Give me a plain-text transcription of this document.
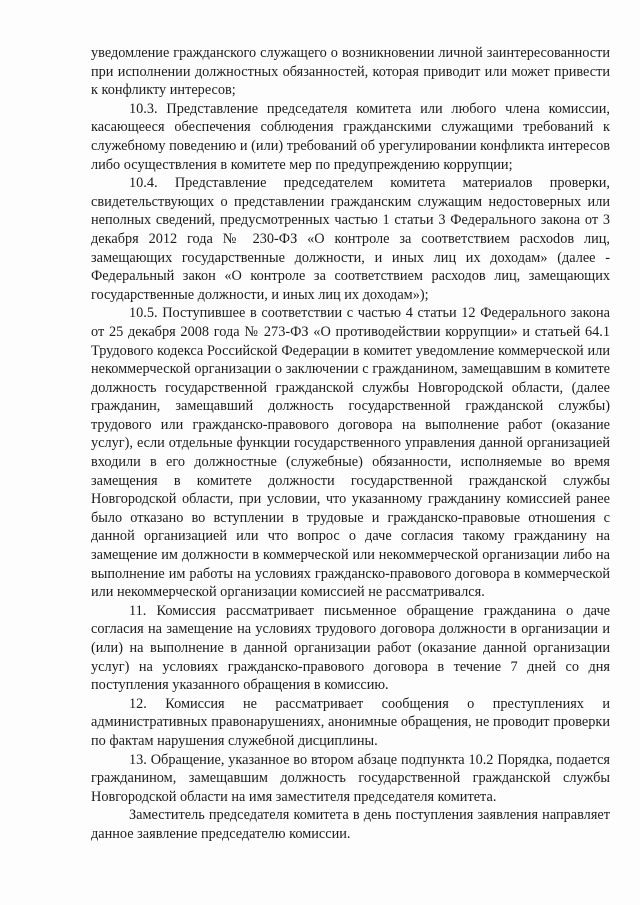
уведомление гражданского служащего о возникновении личной заинтересованности при исполнении должностных обязанностей, которая приводит или может привести к конфликту интересов;

10.3. Представление председателя комитета или любого члена комиссии, касающееся обеспечения соблюдения гражданскими служащими требований к служебному поведению и (или) требований об урегулировании конфликта интересов либо осуществления в комитете мер по предупреждению коррупции;

10.4. Представление председателем комитета материалов проверки, свидетельствующих о представлении гражданским служащим недостоверных или неполных сведений, предусмотренных частью 1 статьи 3 Федерального закона от 3 декабря 2012 года № 230-ФЗ «О контроле за соответствием расхоdов лиц, замещающих государственные должности, и иных лиц их доходам» (далее - Федеральный закон «О контроле за соответствием расходов лиц, замещающих государственные должности, и иных лиц их доходам»);

10.5. Поступившее в соответствии с частью 4 статьи 12 Федерального закона от 25 декабря 2008 года № 273-ФЗ «О противодействии коррупции» и статьей 64.1 Трудового кодекса Российской Федерации в комитет уведомление коммерческой или некоммерческой организации о заключении с гражданином, замещавшим в комитете должность государственной гражданской службы Новгородской области, (далее гражданин, замещавший должность государственной гражданской службы) трудового или гражданско-правового договора на выполнение работ (оказание услуг), если отдельные функции государственного управления данной организацией входили в его должностные (служебные) обязанности, исполняемые во время замещения в комитете должности государственной гражданской службы Новгородской области, при условии, что указанному гражданину комиссией ранее было отказано во вступлении в трудовые и гражданско-правовые отношения с данной организацией или что вопрос о даче согласия такому гражданину на замещение им должности в коммерческой или некоммерческой организации либо на выполнение им работы на условиях гражданско-правового договора в коммерческой или некоммерческой организации комиссией не рассматривался.

11. Комиссия рассматривает письменное обращение гражданина о даче согласия на замещение на условиях трудового договора должности в организации и (или) на выполнение в данной организации работ (оказание данной организации услуг) на условиях гражданско-правового договора в течение 7 дней со дня поступления указанного обращения в комиссию.

12. Комиссия не рассматривает сообщения о преступлениях и административных правонарушениях, анонимные обращения, не проводит проверки по фактам нарушения служебной дисциплины.

13. Обращение, указанное во втором абзаце подпункта 10.2 Порядка, подается гражданином, замещавшим должность государственной гражданской службы Новгородской области на имя заместителя председателя комитета.

Заместитель председателя комитета в день поступления заявления направляет данное заявление председателю комиссии.
